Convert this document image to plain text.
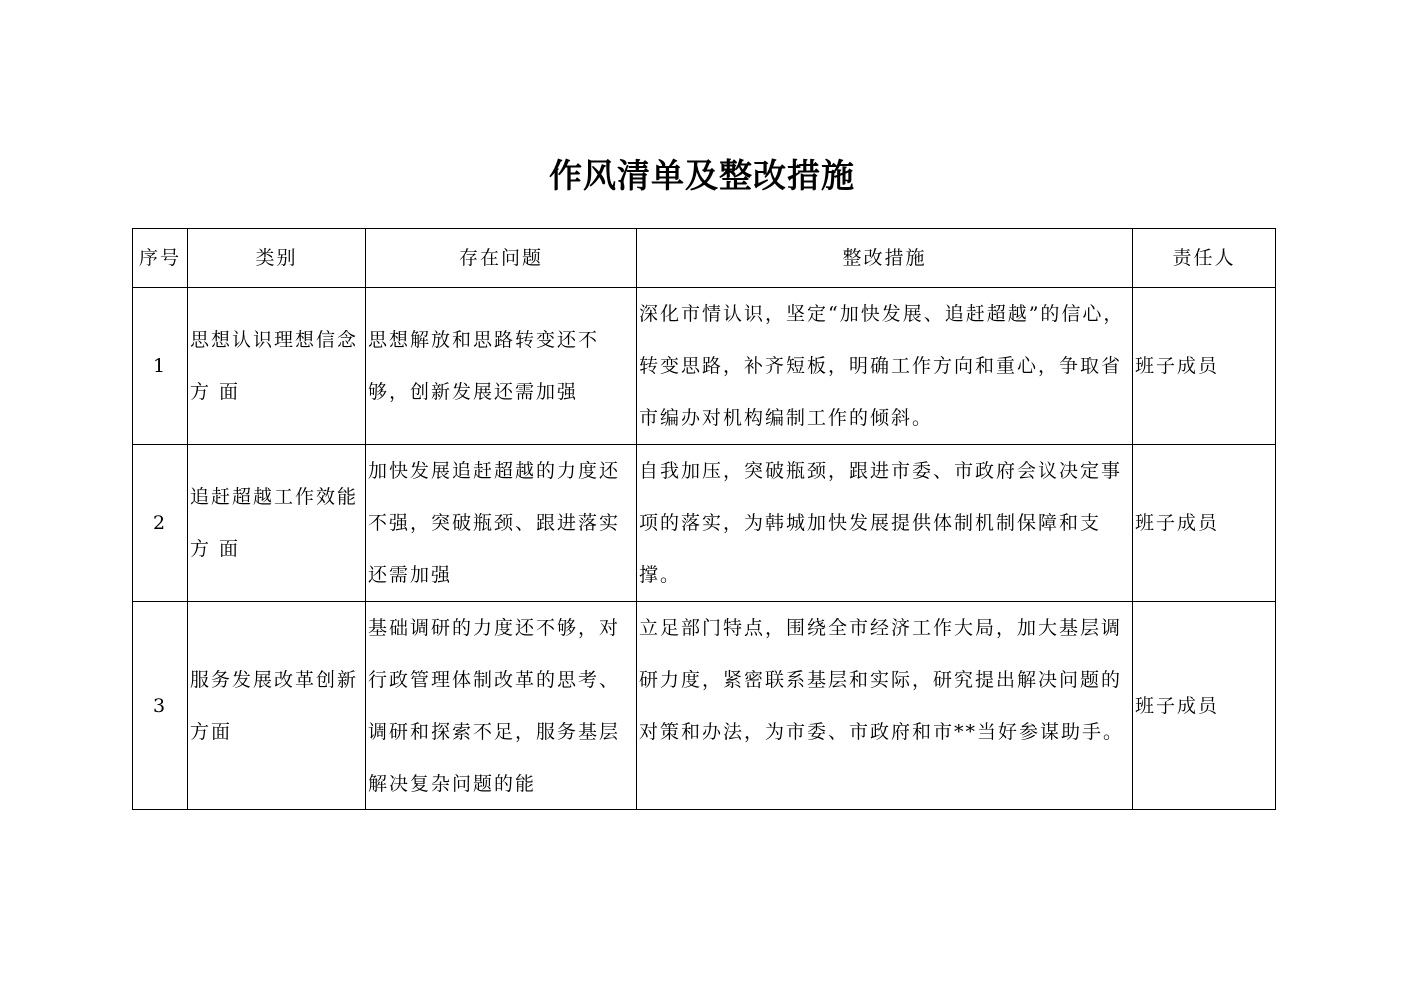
作风清单及整改措施
序号	类别	存在问题	整改措施	责任人
1	思想认识理想信念方 面	思想解放和思路转变还不够，创新发展还需加强	深化市情认识，坚定“加快发展、追赶超越”的信心，转变思路，补齐短板，明确工作方向和重心，争取省市编办对机构编制工作的倾斜。	班子成员
2	追赶超越工作效能方 面	加快发展追赶超越的力度还不强，突破瓶颈、跟进落实还需加强	自我加压，突破瓶颈，跟进市委、市政府会议决定事项的落实，为韩城加快发展提供体制机制保障和支撑。	班子成员
3	服务发展改革创新方面	基础调研的力度还不够，对行政管理体制改革的思考、调研和探索不足，服务基层解决复杂问题的能	立足部门特点，围绕全市经济工作大局，加大基层调研力度，紧密联系基层和实际，研究提出解决问题的对策和办法，为市委、市政府和市**当好参谋助手。	班子成员
